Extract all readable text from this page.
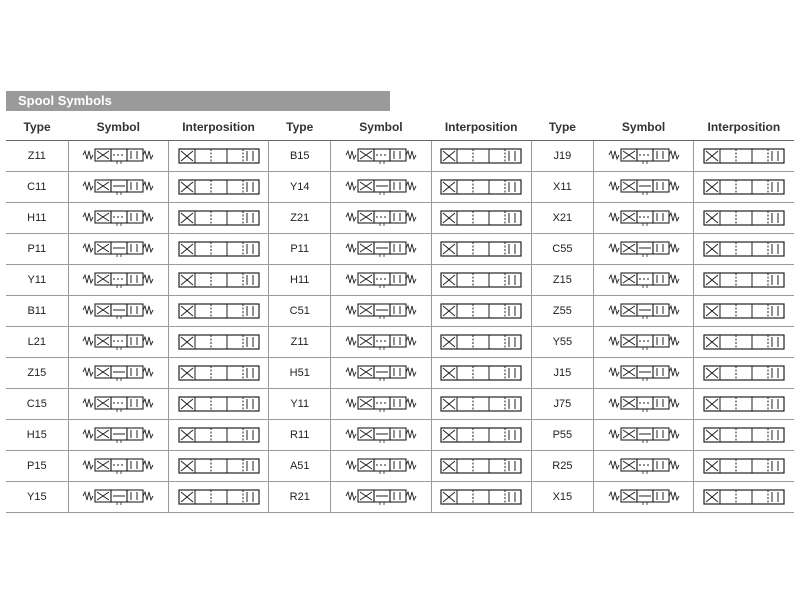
Spool Symbols
Type	Symbol	Interposition	Type	Symbol	Interposition	Type	Symbol	Interposition
Z11			B15			J19	

C11			Y14			X11	

H11			Z21			X21	

P11			P11			C55	

Y11			H11			Z15	

B11			C51			Z55	

L21			Z11			Y55	

Z15			H51			J15	

C15			Y11			J75	

H15			R11			P55	

P15			A51			R25	

Y15			R21			X15	
